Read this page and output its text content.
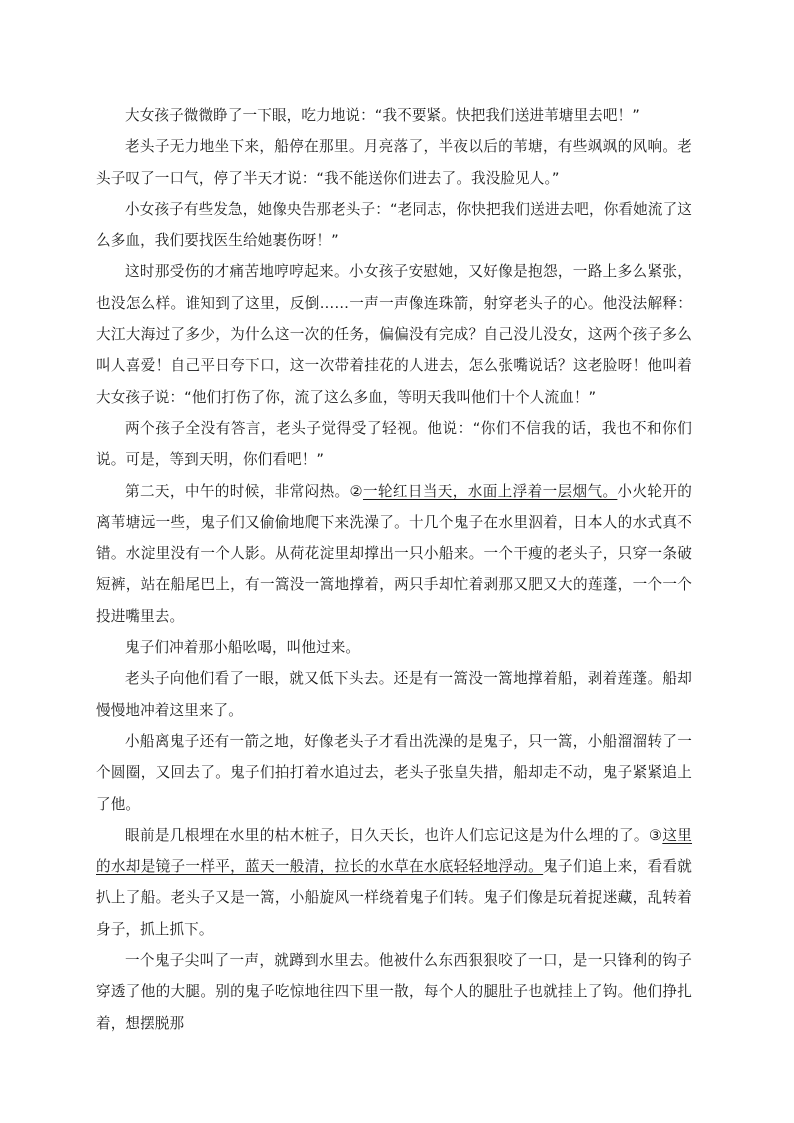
大女孩子微微睁了一下眼，吃力地说：“我不要紧。快把我们送进苇塘里去吧！”

老头子无力地坐下来，船停在那里。月亮落了，半夜以后的苇塘，有些飒飒的风响。老头子叹了一口气，停了半天才说：“我不能送你们进去了。我没脸见人。”

小女孩子有些发急，她像央告那老头子：“老同志，你快把我们送进去吧，你看她流了这么多血，我们要找医生给她裹伤呀！”

这时那受伤的才痛苦地哼哼起来。小女孩子安慰她，又好像是抱怨，一路上多么紧张，也没怎么样。谁知到了这里，反倒……一声一声像连珠箭，射穿老头子的心。他没法解释：大江大海过了多少，为什么这一次的任务，偏偏没有完成？自己没儿没女，这两个孩子多么叫人喜爱！自己平日夸下口，这一次带着挂花的人进去，怎么张嘴说话？这老脸呀！他叫着大女孩子说：“他们打伤了你，流了这么多血，等明天我叫他们十个人流血！”

两个孩子全没有答言，老头子觉得受了轻视。他说：“你们不信我的话，我也不和你们说。可是，等到天明，你们看吧！”

第二天，中午的时候，非常闷热。②一轮红日当天，水面上浮着一层烟气。小火轮开的离苇塘远一些，鬼子们又偷偷地爬下来洗澡了。十几个鬼子在水里泅着，日本人的水式真不错。水淀里没有一个人影。从荷花淀里却撑出一只小船来。一个干瘦的老头子，只穿一条破短裤，站在船尾巴上，有一篙没一篙地撑着，两只手却忙着剥那又肥又大的莲蓬，一个一个投进嘴里去。

鬼子们冲着那小船吆喝，叫他过来。

老头子向他们看了一眼，就又低下头去。还是有一篙没一篙地撑着船，剥着莲蓬。船却慢慢地冲着这里来了。

小船离鬼子还有一箭之地，好像老头子才看出洗澡的是鬼子，只一篙，小船溜溜转了一个圆圈，又回去了。鬼子们拍打着水追过去，老头子张皇失措，船却走不动，鬼子紧紧追上了他。

眼前是几根埋在水里的枯木桩子，日久天长，也许人们忘记这是为什么埋的了。③这里的水却是镜子一样平，蓝天一般清，拉长的水草在水底轻轻地浮动。鬼子们追上来，看看就扒上了船。老头子又是一篙，小船旋风一样绕着鬼子们转。鬼子们像是玩着捉迷藏，乱转着身子，抓上抓下。

一个鬼子尖叫了一声，就蹲到水里去。他被什么东西狠狠咬了一口，是一只锋利的钩子穿透了他的大腿。别的鬼子吃惊地往四下里一散，每个人的腿肚子也就挂上了钩。他们挣扎着，想摆脱那
